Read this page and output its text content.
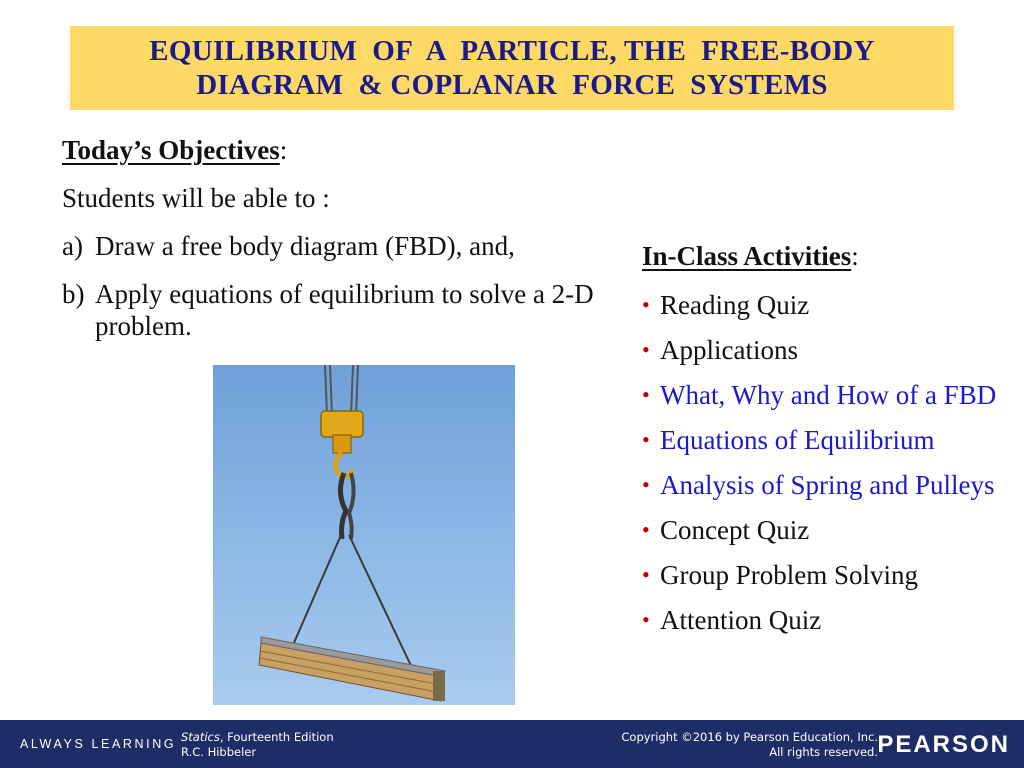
EQUILIBRIUM  OF  A  PARTICLE, THE  FREE-BODY
DIAGRAM  & COPLANAR  FORCE  SYSTEMS
Today’s Objectives:
Students will be able to :
a) Draw a free body diagram (FBD), and,
b) Apply equations of equilibrium to solve a 2-D problem.
In-Class Activities:
• Reading Quiz
• Applications
• What, Why and How of a FBD
• Equations of Equilibrium
• Analysis of Spring and Pulleys
• Concept Quiz
• Group Problem Solving
• Attention Quiz
ALWAYS LEARNING Statics, Fourteenth Edition
R.C. Hibbeler
Copyright ©2016 by Pearson Education, Inc.
All rights reserved. PEARSON
